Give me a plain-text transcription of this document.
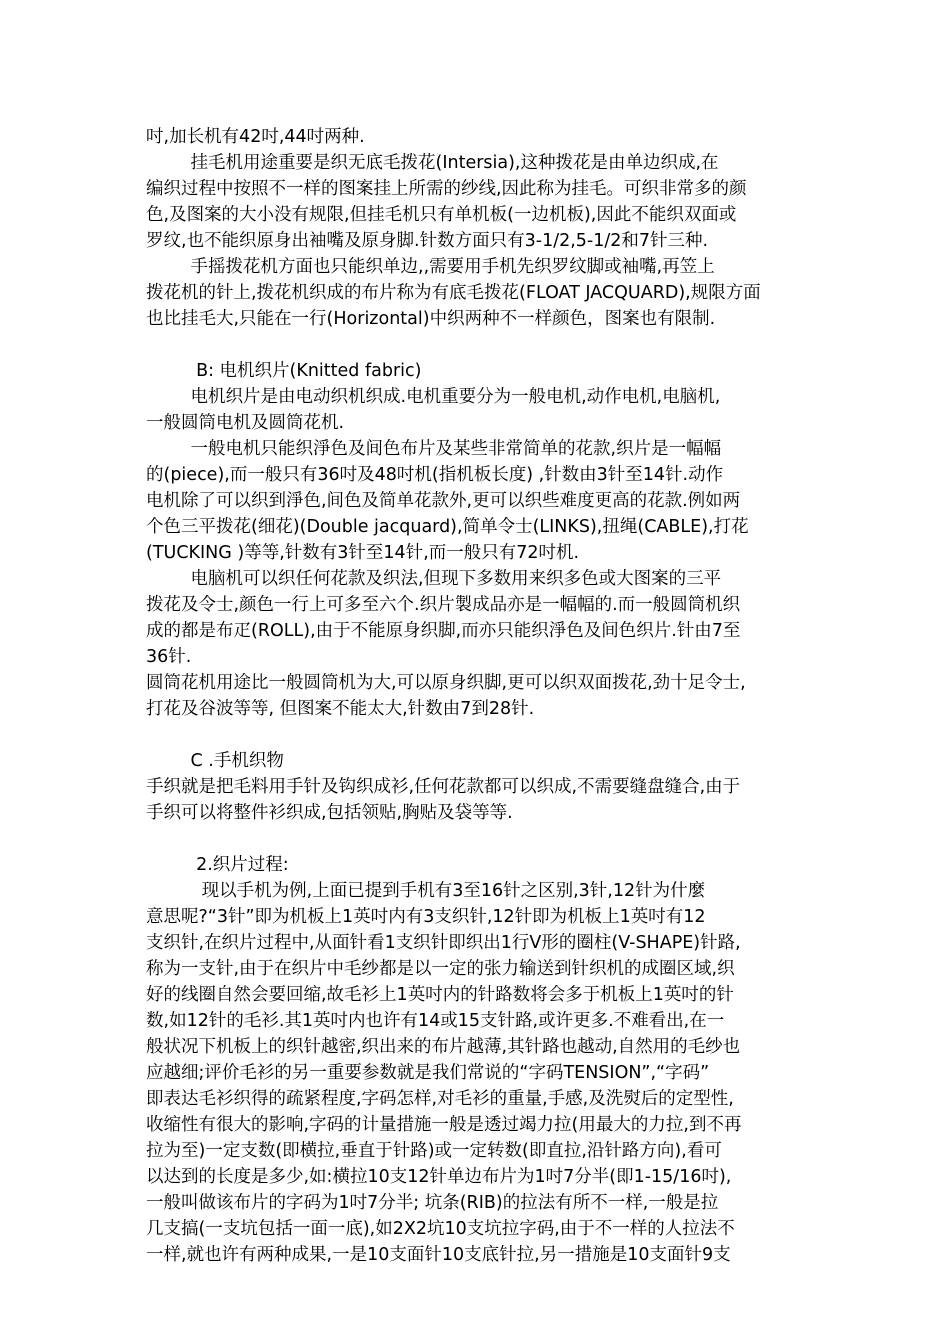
吋,加长机有42吋,44吋两种.
挂毛机用途重要是织无底毛拨花(Intersia),这种拨花是由单边织成,在
编织过程中按照不一样的图案挂上所需的纱线,因此称为挂毛。可织非常多的颜
色,及图案的大小没有规限,但挂毛机只有单机板(一边机板),因此不能织双面或
罗纹,也不能织原身出袖嘴及原身脚.针数方面只有3-1/2,5-1/2和7针三种.
手摇拨花机方面也只能织单边,,需要用手机先织罗纹脚或袖嘴,再笠上
拨花机的针上,拨花机织成的布片称为有底毛拨花(FLOAT JACQUARD),规限方面
也比挂毛大,只能在一行(Horizontal)中织两种不一样颜色，图案也有限制.
B: 电机织片(Knitted fabric)
电机织片是由电动织机织成.电机重要分为一般电机,动作电机,电脑机,
一般圆筒电机及圆筒花机.
一般电机只能织淨色及间色布片及某些非常简单的花款,织片是一幅幅
的(piece),而一般只有36吋及48吋机(指机板长度) ,针数由3针至14针.动作
电机除了可以织到淨色,间色及简单花款外,更可以织些难度更高的花款.例如两
个色三平拨花(细花)(Double jacquard),简单令士(LINKS),扭绳(CABLE),打花
(TUCKING )等等,针数有3针至14针,而一般只有72吋机.
电脑机可以织任何花款及织法,但现下多数用来织多色或大图案的三平
拨花及令士,颜色一行上可多至六个.织片製成品亦是一幅幅的.而一般圆筒机织
成的都是布疋(ROLL),由于不能原身织脚,而亦只能织淨色及间色织片.针由7至
36针.
圆筒花机用途比一般圆筒机为大,可以原身织脚,更可以织双面拨花,劲十足令士,
打花及谷波等等, 但图案不能太大,针数由7到28针.
C .手机织物
手织就是把毛料用手针及钩织成衫,任何花款都可以织成,不需要缝盘缝合,由于
手织可以将整件衫织成,包括领贴,胸贴及袋等等.
2.织片过程:
现以手机为例,上面已提到手机有3至16针之区别,3针,12针为什麼
意思呢?“3针”即为机板上1英吋内有3支织针,12针即为机板上1英吋有12
支织针,在织片过程中,从面针看1支织针即织出1行V形的圈柱(V-SHAPE)针路,
称为一支针,由于在织片中毛纱都是以一定的张力输送到针织机的成圈区域,织
好的线圈自然会要回缩,故毛衫上1英吋内的针路数将会多于机板上1英吋的针
数,如12针的毛衫.其1英吋内也许有14或15支针路,或许更多.不难看出,在一
般状况下机板上的织针越密,织出来的布片越薄,其针路也越动,自然用的毛纱也
应越细;评价毛衫的另一重要参数就是我们常说的“字码TENSION”,“字码”
即表达毛衫织得的疏紧程度,字码怎样,对毛衫的重量,手感,及洗熨后的定型性,
收缩性有很大的影响,字码的计量措施一般是透过竭力拉(用最大的力拉,到不再
拉为至)一定支数(即横拉,垂直于针路)或一定转数(即直拉,沿针路方向),看可
以达到的长度是多少,如:横拉10支12针单边布片为1吋7分半(即1-15/16吋),
一般叫做该布片的字码为1吋7分半; 坑条(RIB)的拉法有所不一样,一般是拉
几支搞(一支坑包括一面一底),如2X2坑10支坑拉字码,由于不一样的人拉法不
一样,就也许有两种成果,一是10支面针10支底针拉,另一措施是10支面针9支
